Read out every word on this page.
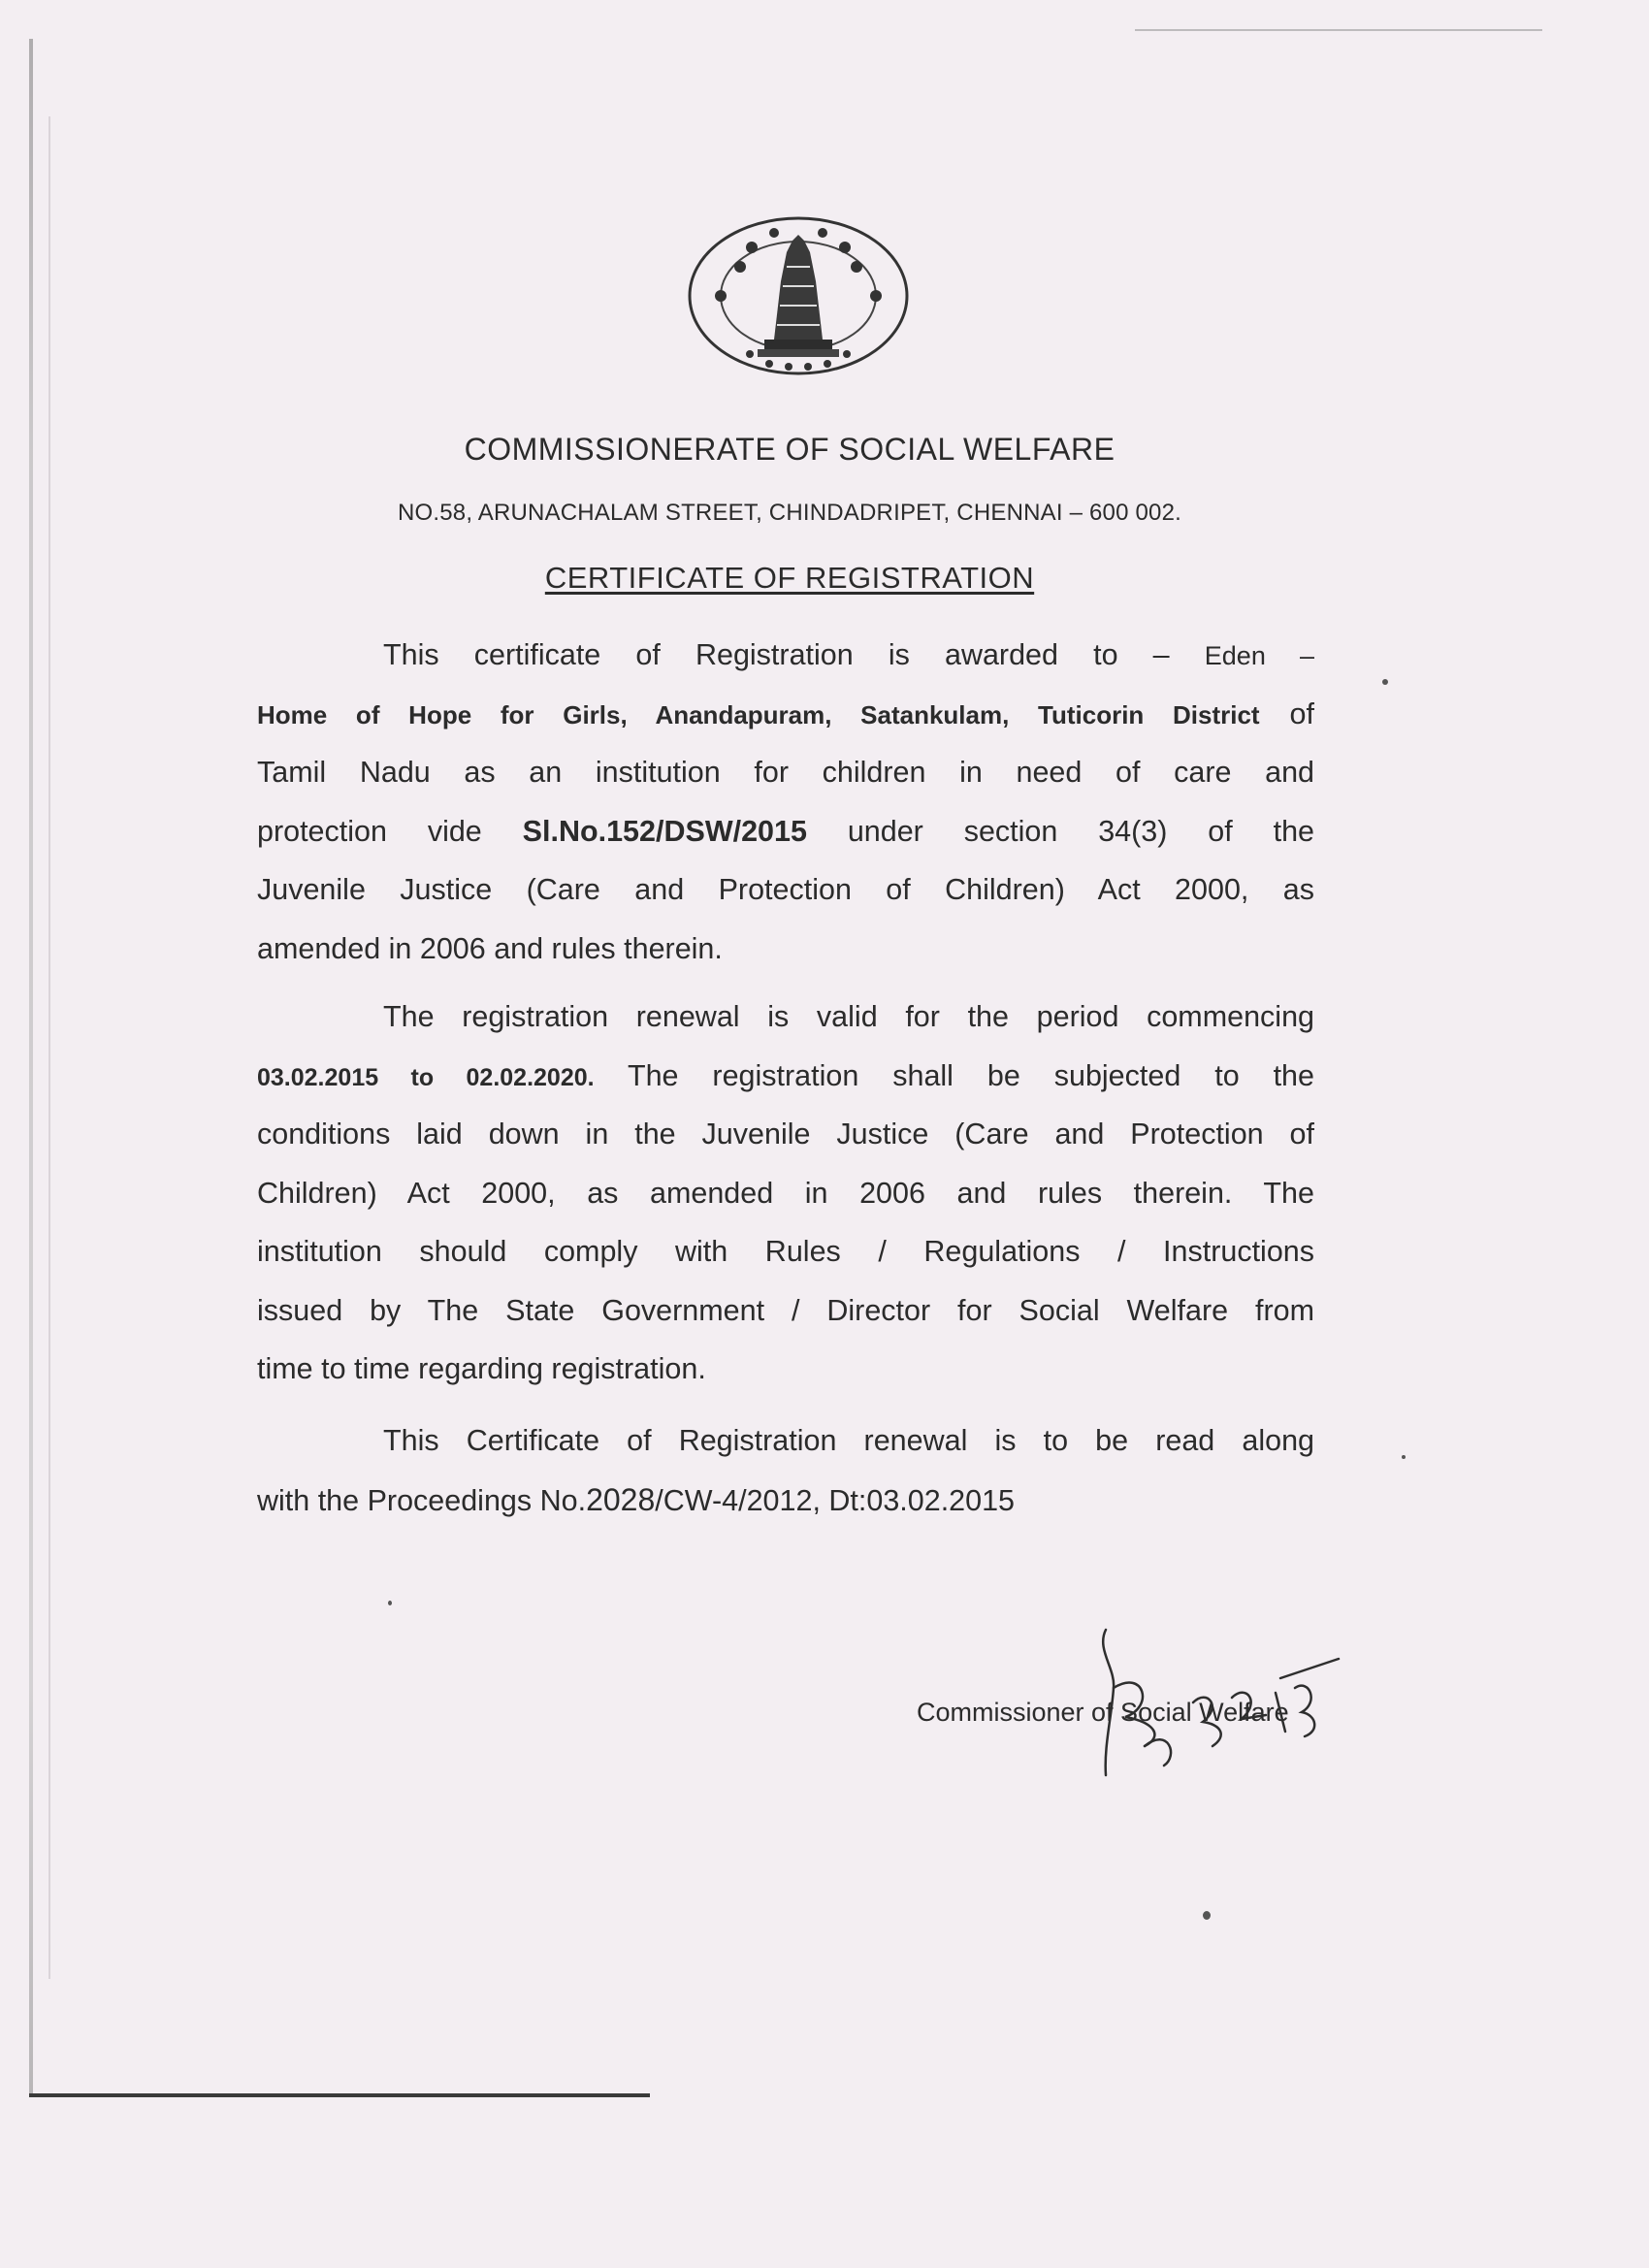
COMMISSIONERATE OF SOCIAL WELFARE
NO.58, ARUNACHALAM STREET, CHINDADRIPET, CHENNAI – 600 002.
CERTIFICATE OF REGISTRATION
This certificate of Registration is awarded to – Eden –
Home of Hope for Girls, Anandapuram, Satankulam, Tuticorin District of
Tamil Nadu as an institution for children in need of care and
protection vide Sl.No.152/DSW/2015 under section 34(3) of the
Juvenile Justice (Care and Protection of Children) Act 2000, as
amended in 2006 and rules therein.
The registration renewal is valid for the period commencing
03.02.2015 to 02.02.2020. The registration shall be subjected to the
conditions laid down in the Juvenile Justice (Care and Protection of
Children) Act 2000, as amended in 2006 and rules therein. The
institution should comply with Rules / Regulations / Instructions
issued by The State Government / Director for Social Welfare from
time to time regarding registration.
This Certificate of Registration renewal is to be read along
with the Proceedings No.2028/CW-4/2012, Dt:03.02.2015
Commissioner of Social Welfare
